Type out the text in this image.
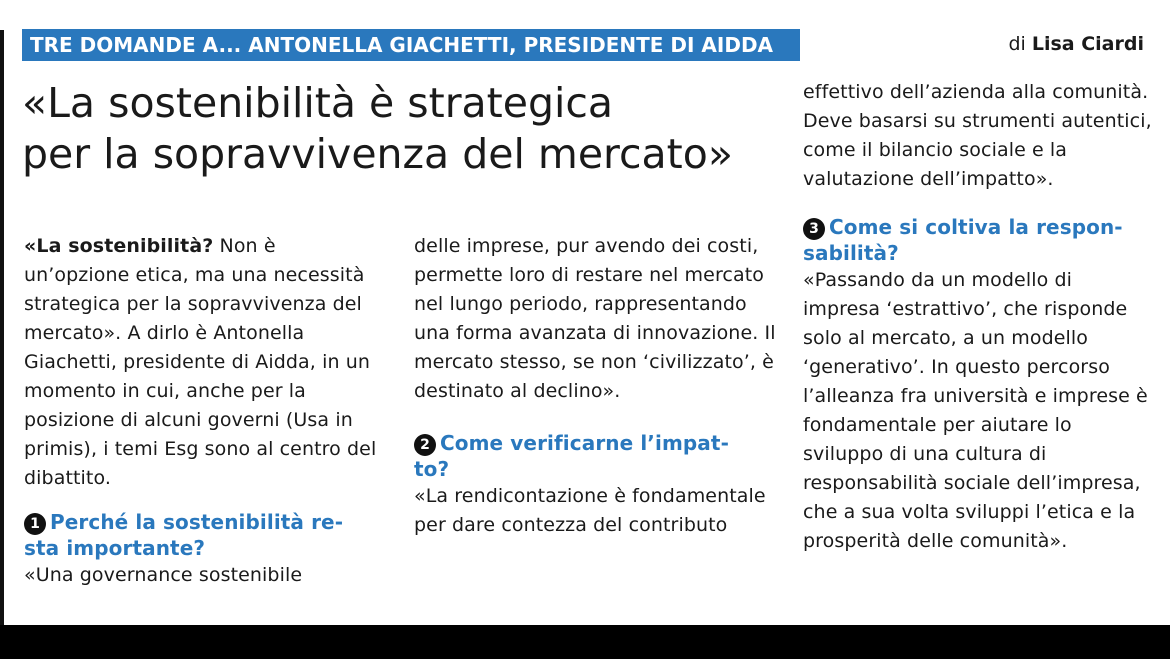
TRE DOMANDE A... ANTONELLA GIACHETTI, PRESIDENTE DI AIDDA	di Lisa Ciardi
«La sostenibilità è strategica
per la sopravvivenza del mercato»

«La sostenibilità? Non è un’opzione etica, ma una necessità strategica per la sopravvivenza del mercato». A dirlo è Antonella Giachetti, presidente di Aidda, in un momento in cui, anche per la posizione di alcuni governi (Usa in primis), i temi Esg sono al centro del dibattito.

1 Perché la sostenibilità re-
sta importante?

«Una governance sostenibile

delle imprese, pur avendo dei costi, permette loro di restare nel mercato nel lungo periodo, rappresentando una forma avanzata di innovazione. Il mercato stesso, se non ‘civilizzato’, è destinato al declino».

2 Come verificarne l’impat-
to?

«La rendicontazione è fondamentale per dare contezza del contributo

effettivo dell’azienda alla comunità. Deve basarsi su strumenti autentici, come il bilancio sociale e la valutazione dell’impatto».

3 Come si coltiva la respon-
sabilità?

«Passando da un modello di impresa ‘estrattivo’, che risponde solo al mercato, a un modello ‘generativo’. In questo percorso l’alleanza fra università e imprese è fondamentale per aiutare lo sviluppo di una cultura di responsabilità sociale dell’impresa, che a sua volta sviluppi l’etica e la prosperità delle comunità».
